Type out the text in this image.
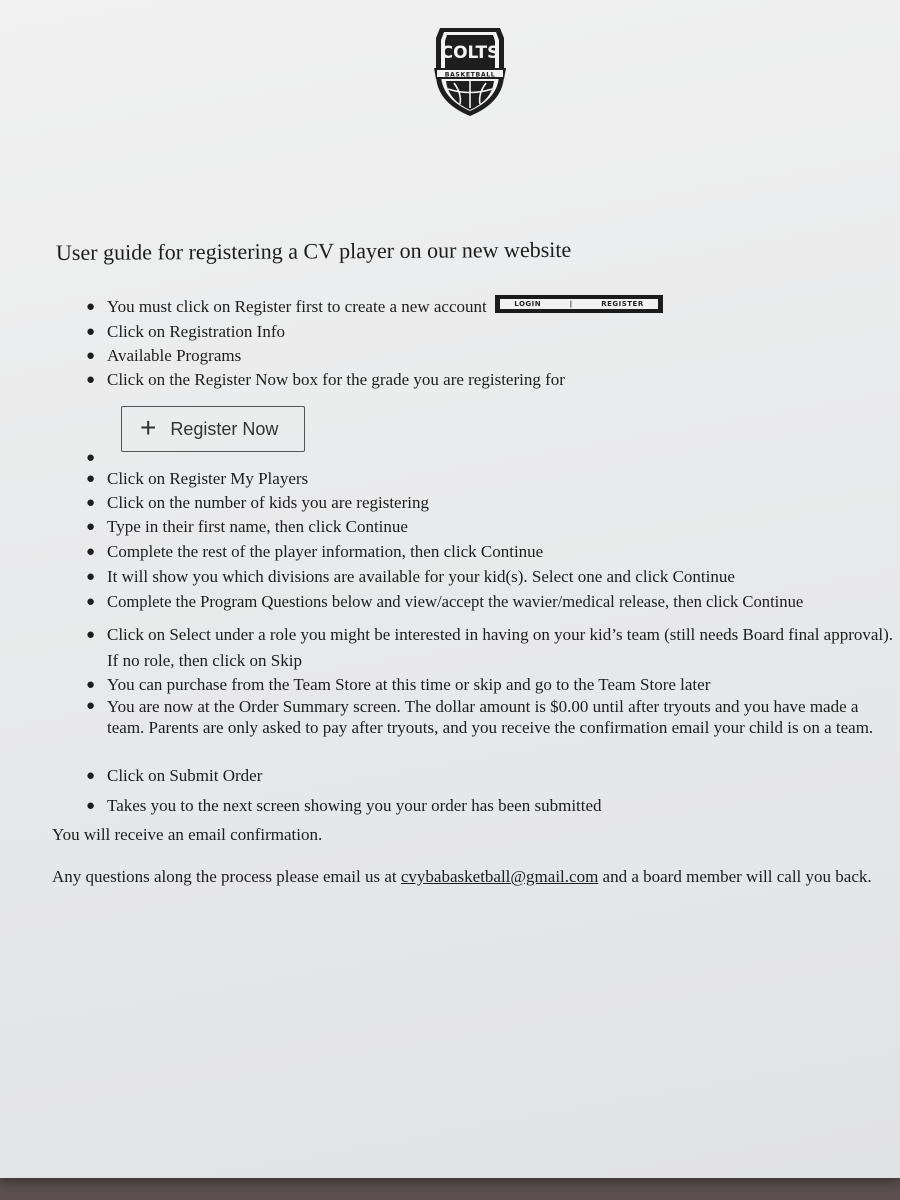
COLTS
BASKETBALL
User guide for registering a CV player on our new website
● You must click on Register first to create a new account	LOGIN	|	REGISTER
● Click on Registration Info
● Available Programs
● Click on the Register Now box for the grade you are registering for
●
● Click on Register My Players
● Click on the number of kids you are registering
● Type in their first name, then click Continue
● Complete the rest of the player information, then click Continue
● It will show you which divisions are available for your kid(s). Select one and click Continue
● Complete the Program Questions below and view/accept the wavier/medical release, then click Continue
● Click on Select under a role you might be interested in having on your kid’s team (still needs Board final approval). If no role, then click on Skip
● You can purchase from the Team Store at this time or skip and go to the Team Store later
● You are now at the Order Summary screen. The dollar amount is $0.00 until after tryouts and you have made a team. Parents are only asked to pay after tryouts, and you receive the confirmation email your child is on a team.
● Click on Submit Order
● Takes you to the next screen showing you your order has been submitted
+ Register Now
You will receive an email confirmation.
Any questions along the process please email us at cvybabasketball@gmail.com and a board member will call you back.
